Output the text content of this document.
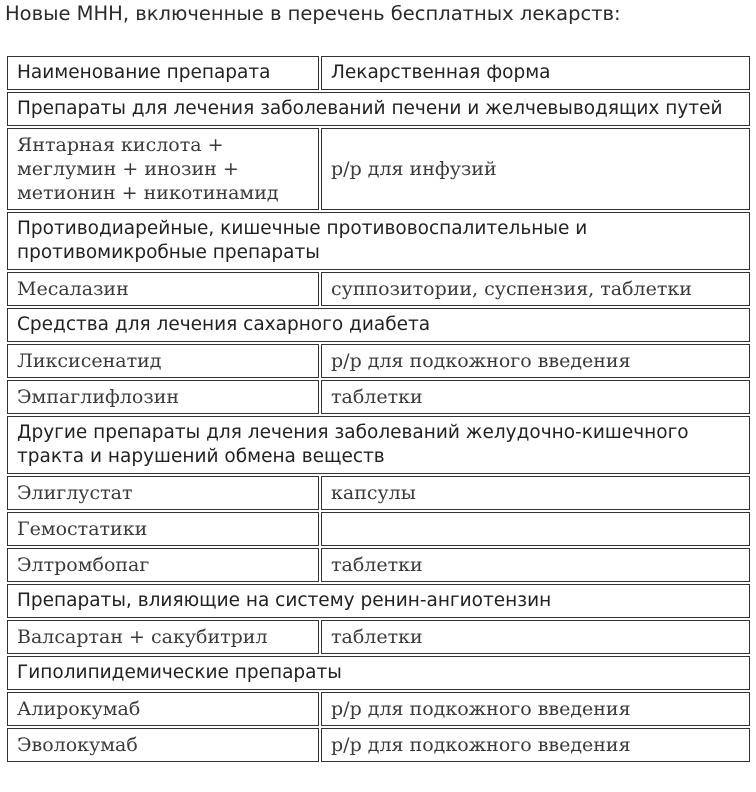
Новые МНН, включенные в перечень бесплатных лекарств:
Наименование препарата	Лекарственная форма
Препараты для лечения заболеваний печени и желчевыводящих путей	
Янтарная кислота + меглумин + инозин + метионин + никотинамид	р/р для инфузий
Противодиарейные, кишечные противовоспалительные и противомикробные препараты	
Месалазин	суппозитории, суспензия, таблетки
Средства для лечения сахарного диабета	
Ликсисенатид	р/р для подкожного введения
Эмпаглифлозин	таблетки
Другие препараты для лечения заболеваний желудочно-кишечного тракта и нарушений обмена веществ	
Элиглустат	капсулы
Гемостатики	
Элтромбопаг	таблетки
Препараты, влияющие на систему ренин-ангиотензин	
Валсартан + сакубитрил	таблетки
Гиполипидемические препараты	
Алирокумаб	р/р для подкожного введения
Эволокумаб	р/р для подкожного введения
